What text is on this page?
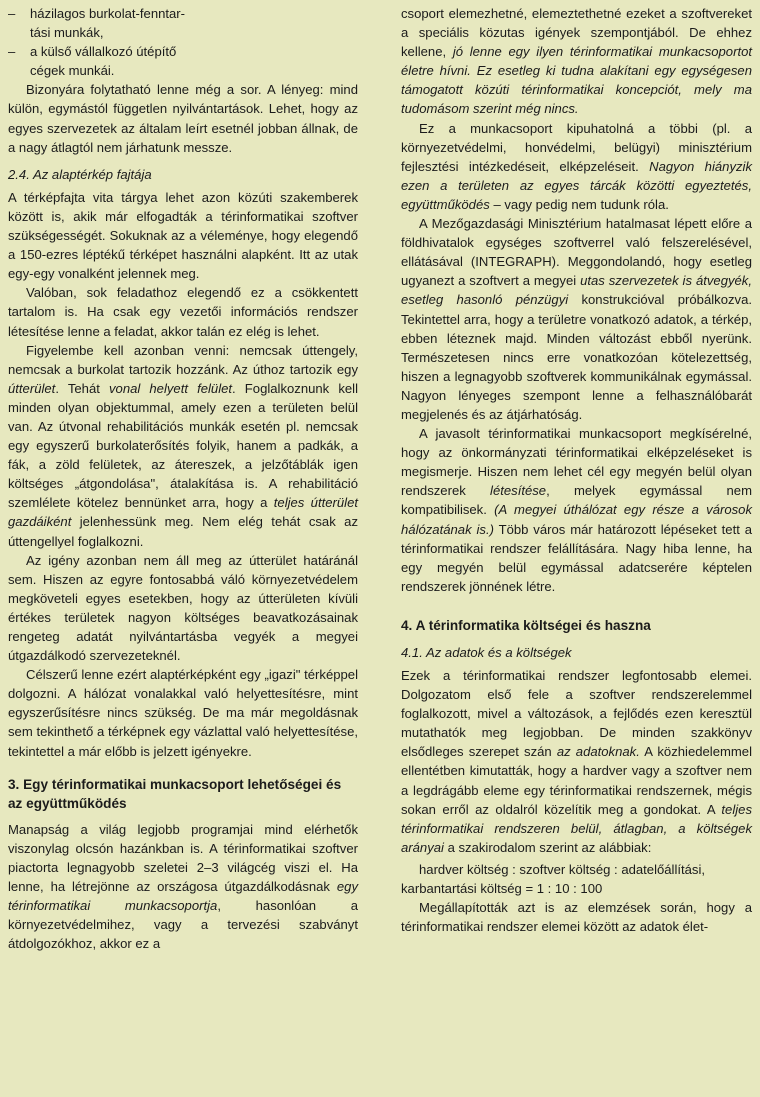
–	házilagos burkolat-fenntar-
tási munkák,
–	a külső vállalkozó útépítő
cégek munkái.

Bizonyára folytatható lenne még a sor. A lényeg: mind külön, egymástól független nyilvántartások. Lehet, hogy az egyes szervezetek az általam leírt esetnél jobban állnak, de a nagy átlagtól nem járhatunk messze.

2.4. Az alaptérkép fajtája

A térképfajta vita tárgya lehet azon közúti szakemberek között is, akik már elfogadták a térinformatikai szoftver szükségességét. Sokuknak az a véleménye, hogy elegendő a 150-ezres léptékű térképet használni alapként. Itt az utak egy-egy vonalként jelennek meg.

Valóban, sok feladathoz elegendő ez a csökkentett tartalom is. Ha csak egy vezetői információs rendszer létesítése lenne a feladat, akkor talán ez elég is lehet.

Figyelembe kell azonban venni: nemcsak úttengely, nemcsak a burkolat tartozik hozzánk. Az úthoz tartozik egy útterület. Tehát vonal helyett felület. Foglalkoznunk kell minden olyan objektummal, amely ezen a területen belül van. Az útvonal rehabilitációs munkák esetén pl. nemcsak egy egyszerű burkolaterősítés folyik, hanem a padkák, a fák, a zöld felületek, az átereszek, a jelzőtáblák igen költséges „átgondolása", átalakítása is. A rehabilitáció szemlélete kötelez bennünket arra, hogy a teljes útterület gazdáiként jelenhessünk meg. Nem elég tehát csak az úttengellyel foglalkozni.

Az igény azonban nem áll meg az útterület határánál sem. Hiszen az egyre fontosabbá váló környezetvédelem megköveteli egyes esetekben, hogy az útterületen kívüli értékes területek nagyon költséges beavatkozásainak rengeteg adatát nyilvántartásba vegyék a megyei útgazdálkodó szervezeteknél.

Célszerű lenne ezért alaptérképként egy „igazi" térképpel dolgozni. A hálózat vonalakkal való helyettesítésre, mint egyszerűsítésre nincs szükség. De ma már megoldásnak sem tekinthető a térképnek egy vázlattal való helyettesítése, tekintettel a már előbb is jelzett igényekre.

3. Egy térinformatikai munkacsoport lehetőségei és az együttműködés

Manapság a világ legjobb programjai mind elérhetők viszonylag olcsón hazánkban is. A térinformatikai szoftver piactorta legnagyobb szeletei 2–3 világcég viszi el. Ha lenne, ha létrejönne az országosa útgazdálkodásnak egy térinformatikai munkacsoportja, hasonlóan a környezetvédelmihez, vagy a tervezési szabványt átdolgozókhoz, akkor ez a

csoport elemezhetné, elemeztethetné ezeket a szoftvereket a speciális közutas igények szempontjából. De ehhez kellene, jó lenne egy ilyen térinformatikai munkacsoportot életre hívni. Ez esetleg ki tudna alakítani egy egységesen támogatott közúti térinformatikai koncepciót, mely ma tudomásom szerint még nincs.

Ez a munkacsoport kipuhatolná a többi (pl. a környezetvédelmi, honvédelmi, belügyi) minisztérium fejlesztési intézkedéseit, elképzeléseit. Nagyon hiányzik ezen a területen az egyes tárcák közötti egyeztetés, együttműködés – vagy pedig nem tudunk róla.

A Mezőgazdasági Minisztérium hatalmasat lépett előre a földhivatalok egységes szoftverrel való felszerelésével, ellátásával (INTEGRAPH). Meggondolandó, hogy esetleg ugyanezt a szoftvert a megyei utas szervezetek is átvegyék, esetleg hasonló pénzügyi konstrukcióval próbálkozva. Tekintettel arra, hogy a területre vonatkozó adatok, a térkép, ebben léteznek majd. Minden változást ebből nyerünk. Természetesen nincs erre vonatkozóan kötelezettség, hiszen a legnagyobb szoftverek kommunikálnak egymással. Nagyon lényeges szempont lenne a felhasználóbarát megjelenés és az átjárhatóság.

A javasolt térinformatikai munkacsoport megkísérelné, hogy az önkormányzati térinformatikai elképzeléseket is megismerje. Hiszen nem lehet cél egy megyén belül olyan rendszerek létesítése, melyek egymással nem kompatibilisek. (A megyei úthálózat egy része a városok hálózatának is.) Több város már határozott lépéseket tett a térinformatikai rendszer felállítására. Nagy hiba lenne, ha egy megyén belül egymással adatcserére képtelen rendszerek jönnének létre.

4. A térinformatika költségei és haszna
4.1. Az adatok és a költségek

Ezek a térinformatikai rendszer legfontosabb elemei. Dolgozatom első fele a szoftver rendszerelemmel foglalkozott, mivel a változások, a fejlődés ezen keresztül mutathatók meg legjobban. De minden szakkönyv elsődleges szerepet szán az adatoknak. A közhiedelemmel ellentétben kimutatták, hogy a hardver vagy a szoftver nem a legdrágább eleme egy térinformatikai rendszernek, mégis sokan erről az oldalról közelítik meg a gondokat. A teljes térinformatikai rendszeren belül, átlagban, a költségek arányai a szakirodalom szerint az alábbiak:

hardver költség : szoftver költség : adatelőállítási,
karbantartási költség = 1 : 10 : 100

Megállapították azt is az elemzések során, hogy a térinformatikai rendszer elemei között az adatok élet-
